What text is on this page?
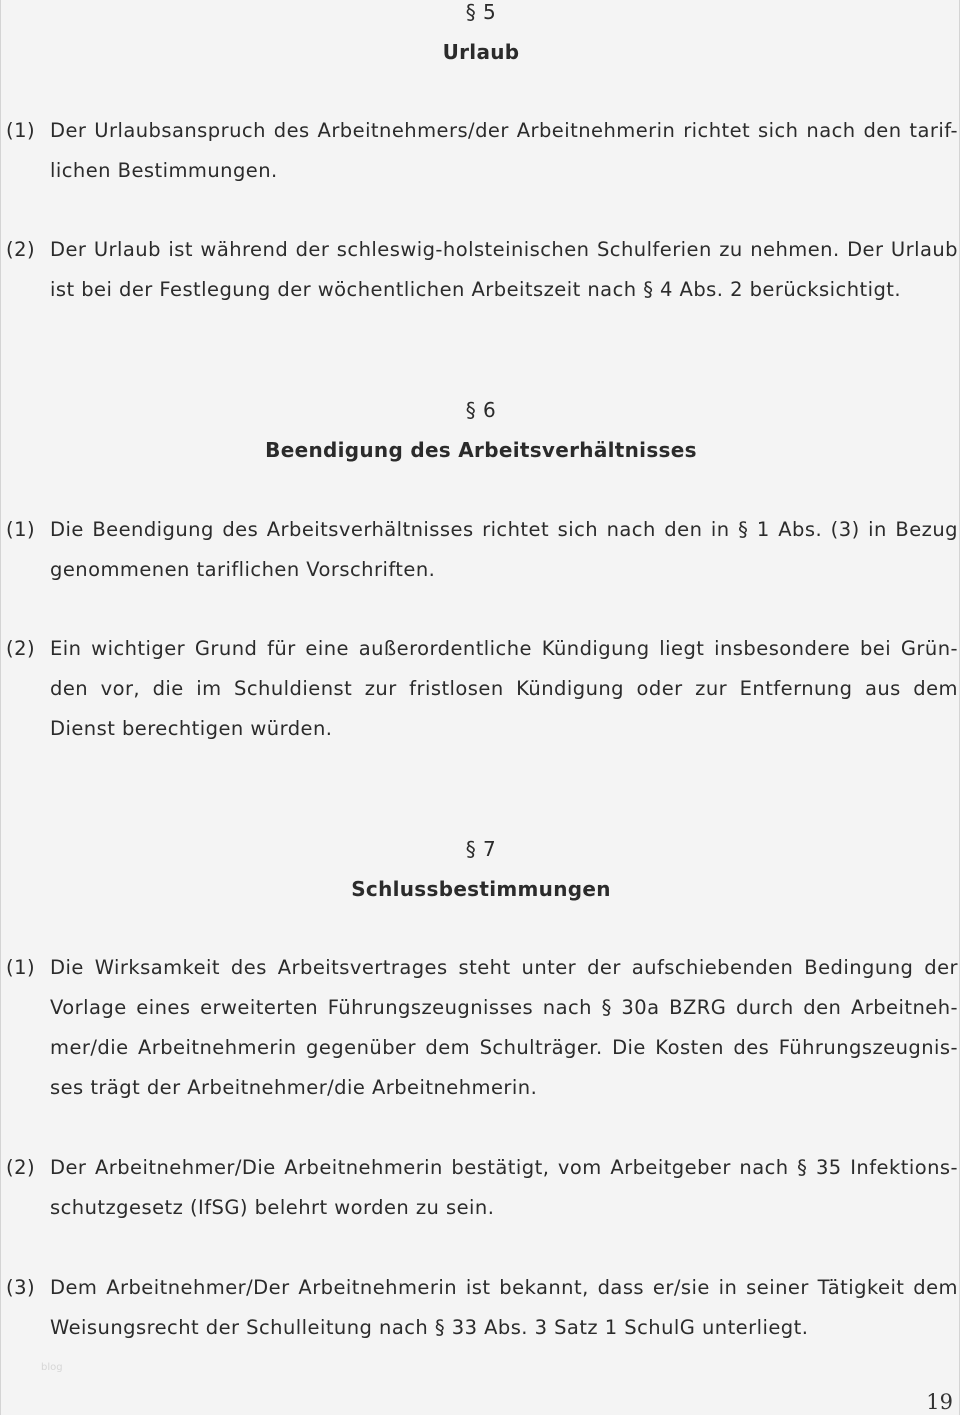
§ 5
Urlaub
(1) Der Urlaubsanspruch des Arbeitnehmers/der Arbeitnehmerin richtet sich nach den tarif-
lichen Bestimmungen.
(2) Der Urlaub ist während der schleswig-holsteinischen Schulferien zu nehmen. Der Urlaub
ist bei der Festlegung der wöchentlichen Arbeitszeit nach § 4 Abs. 2 berücksichtigt.
§ 6
Beendigung des Arbeitsverhältnisses
(1) Die Beendigung des Arbeitsverhältnisses richtet sich nach den in § 1 Abs. (3) in Bezug
genommenen tariflichen Vorschriften.
(2) Ein wichtiger Grund für eine außerordentliche Kündigung liegt insbesondere bei Grün-
den vor, die im Schuldienst zur fristlosen Kündigung oder zur Entfernung aus dem
Dienst berechtigen würden.
§ 7
Schlussbestimmungen
(1) Die Wirksamkeit des Arbeitsvertrages steht unter der aufschiebenden Bedingung der
Vorlage eines erweiterten Führungszeugnisses nach § 30a BZRG durch den Arbeitneh-
mer/die Arbeitnehmerin gegenüber dem Schulträger. Die Kosten des Führungszeugnis-
ses trägt der Arbeitnehmer/die Arbeitnehmerin.
(2) Der Arbeitnehmer/Die Arbeitnehmerin bestätigt, vom Arbeitgeber nach § 35 Infektions-
schutzgesetz (IfSG) belehrt worden zu sein.
(3) Dem Arbeitnehmer/Der Arbeitnehmerin ist bekannt, dass er/sie in seiner Tätigkeit dem
Weisungsrecht der Schulleitung nach § 33 Abs. 3 Satz 1 SchulG unterliegt.
blog
19
